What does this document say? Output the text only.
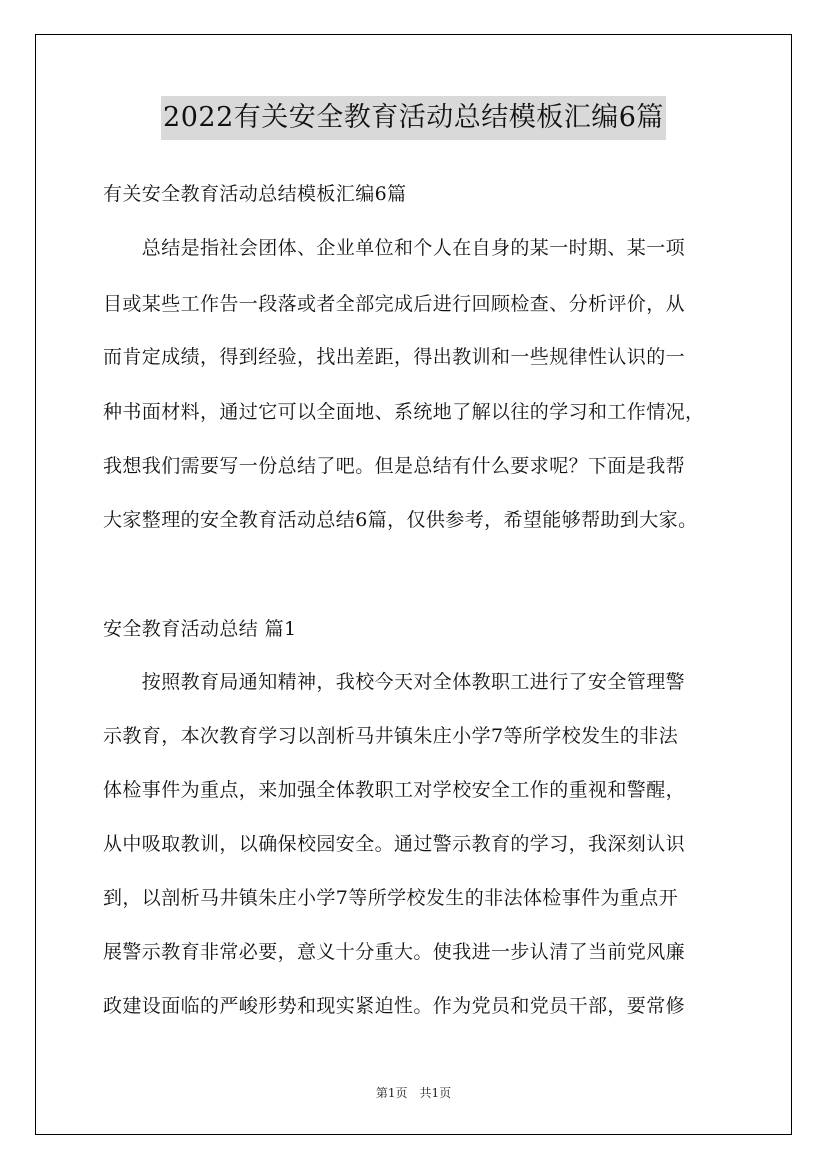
2022有关安全教育活动总结模板汇编6篇
有关安全教育活动总结模板汇编6篇
　　总结是指社会团体、企业单位和个人在自身的某一时期、某一项
目或某些工作告一段落或者全部完成后进行回顾检查、分析评价，从
而肯定成绩，得到经验，找出差距，得出教训和一些规律性认识的一
种书面材料，通过它可以全面地、系统地了解以往的学习和工作情况，
我想我们需要写一份总结了吧。但是总结有什么要求呢？下面是我帮
大家整理的安全教育活动总结6篇，仅供参考，希望能够帮助到大家。
安全教育活动总结 篇1
　　按照教育局通知精神，我校今天对全体教职工进行了安全管理警
示教育，本次教育学习以剖析马井镇朱庄小学7等所学校发生的非法
体检事件为重点，来加强全体教职工对学校安全工作的重视和警醒，
从中吸取教训，以确保校园安全。通过警示教育的学习，我深刻认识
到，以剖析马井镇朱庄小学7等所学校发生的非法体检事件为重点开
展警示教育非常必要，意义十分重大。使我进一步认清了当前党风廉
政建设面临的严峻形势和现实紧迫性。作为党员和党员干部，要常修
第1页　共1页
